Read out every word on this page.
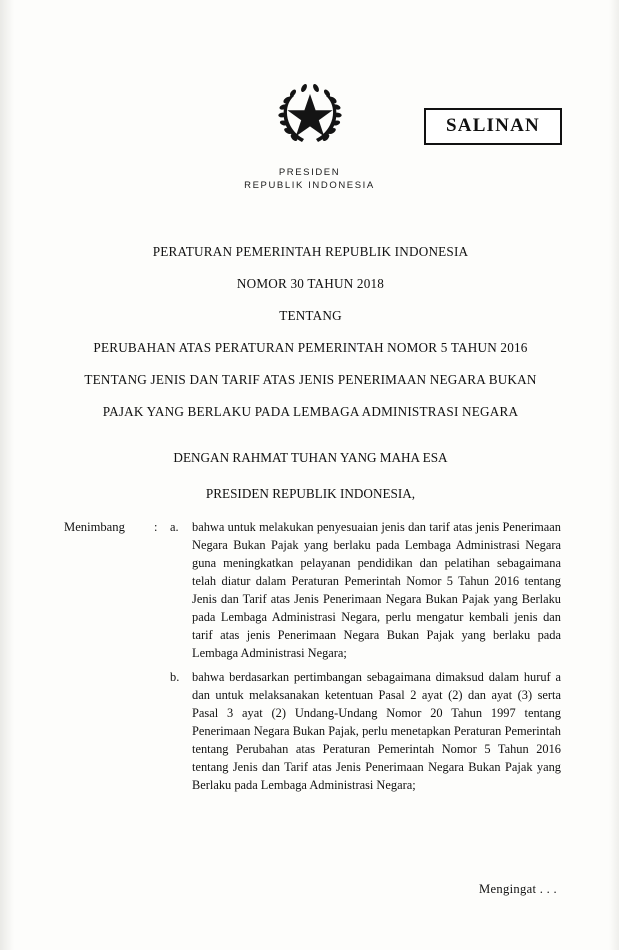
SALINAN
PRESIDEN
REPUBLIK INDONESIA
PERATURAN PEMERINTAH REPUBLIK INDONESIA
NOMOR 30 TAHUN 2018
TENTANG
PERUBAHAN ATAS PERATURAN PEMERINTAH NOMOR 5 TAHUN 2016
TENTANG JENIS DAN TARIF ATAS JENIS PENERIMAAN NEGARA BUKAN
PAJAK YANG BERLAKU PADA LEMBAGA ADMINISTRASI NEGARA
DENGAN RAHMAT TUHAN YANG MAHA ESA
PRESIDEN REPUBLIK INDONESIA,
Menimbang	:	a.	bahwa untuk melakukan penyesuaian jenis dan tarif atas jenis Penerimaan Negara Bukan Pajak yang berlaku pada Lembaga Administrasi Negara guna meningkatkan pelayanan pendidikan dan pelatihan sebagaimana telah diatur dalam Peraturan Pemerintah Nomor 5 Tahun 2016 tentang Jenis dan Tarif atas Jenis Penerimaan Negara Bukan Pajak yang Berlaku pada Lembaga Administrasi Negara, perlu mengatur kembali jenis dan tarif atas jenis Penerimaan Negara Bukan Pajak yang berlaku pada Lembaga Administrasi Negara;
b.	bahwa berdasarkan pertimbangan sebagaimana dimaksud dalam huruf a dan untuk melaksanakan ketentuan Pasal 2 ayat (2) dan ayat (3) serta Pasal 3 ayat (2) Undang-Undang Nomor 20 Tahun 1997 tentang Penerimaan Negara Bukan Pajak, perlu menetapkan Peraturan Pemerintah tentang Perubahan atas Peraturan Pemerintah Nomor 5 Tahun 2016 tentang Jenis dan Tarif atas Jenis Penerimaan Negara Bukan Pajak yang Berlaku pada Lembaga Administrasi Negara;
Mengingat . . .
